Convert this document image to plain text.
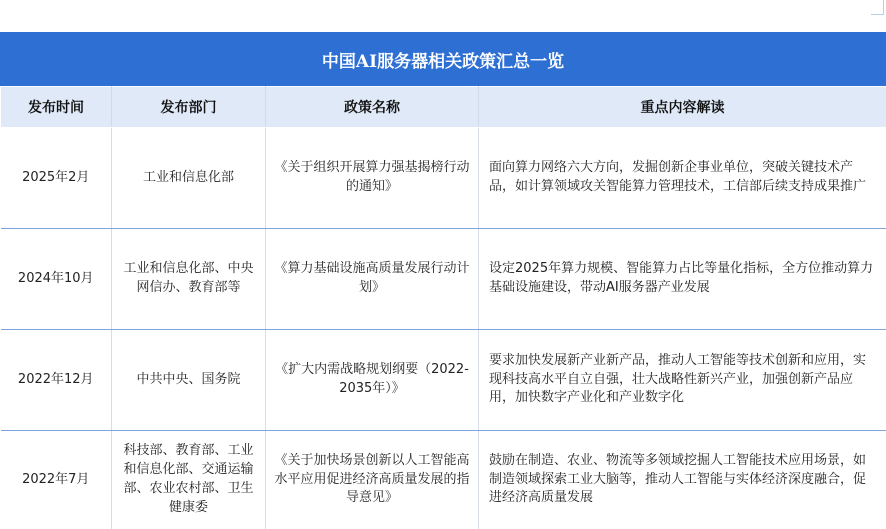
中国AI服务器相关政策汇总一览
发布时间	发布部门	政策名称	重点内容解读
2025年2月	工业和信息化部	《关于组织开展算力强基揭榜行动的通知》	面向算力网络六大方向，发掘创新企事业单位，突破关键技术产品，如计算领域攻关智能算力管理技术，工信部后续支持成果推广
2024年10月	工业和信息化部、中央网信办、教育部等	《算力基础设施高质量发展行动计划》	设定2025年算力规模、智能算力占比等量化指标，全方位推动算力基础设施建设，带动AI服务器产业发展
2022年12月	中共中央、国务院	《扩大内需战略规划纲要（2022-2035年）》	要求加快发展新产业新产品，推动人工智能等技术创新和应用，实现科技高水平自立自强，壮大战略性新兴产业，加强创新产品应用，加快数字产业化和产业数字化
2022年7月	科技部、教育部、工业和信息化部、交通运输部、农业农村部、卫生健康委	《关于加快场景创新以人工智能高水平应用促进经济高质量发展的指导意见》	鼓励在制造、农业、物流等多领域挖掘人工智能技术应用场景，如制造领域探索工业大脑等，推动人工智能与实体经济深度融合，促进经济高质量发展
